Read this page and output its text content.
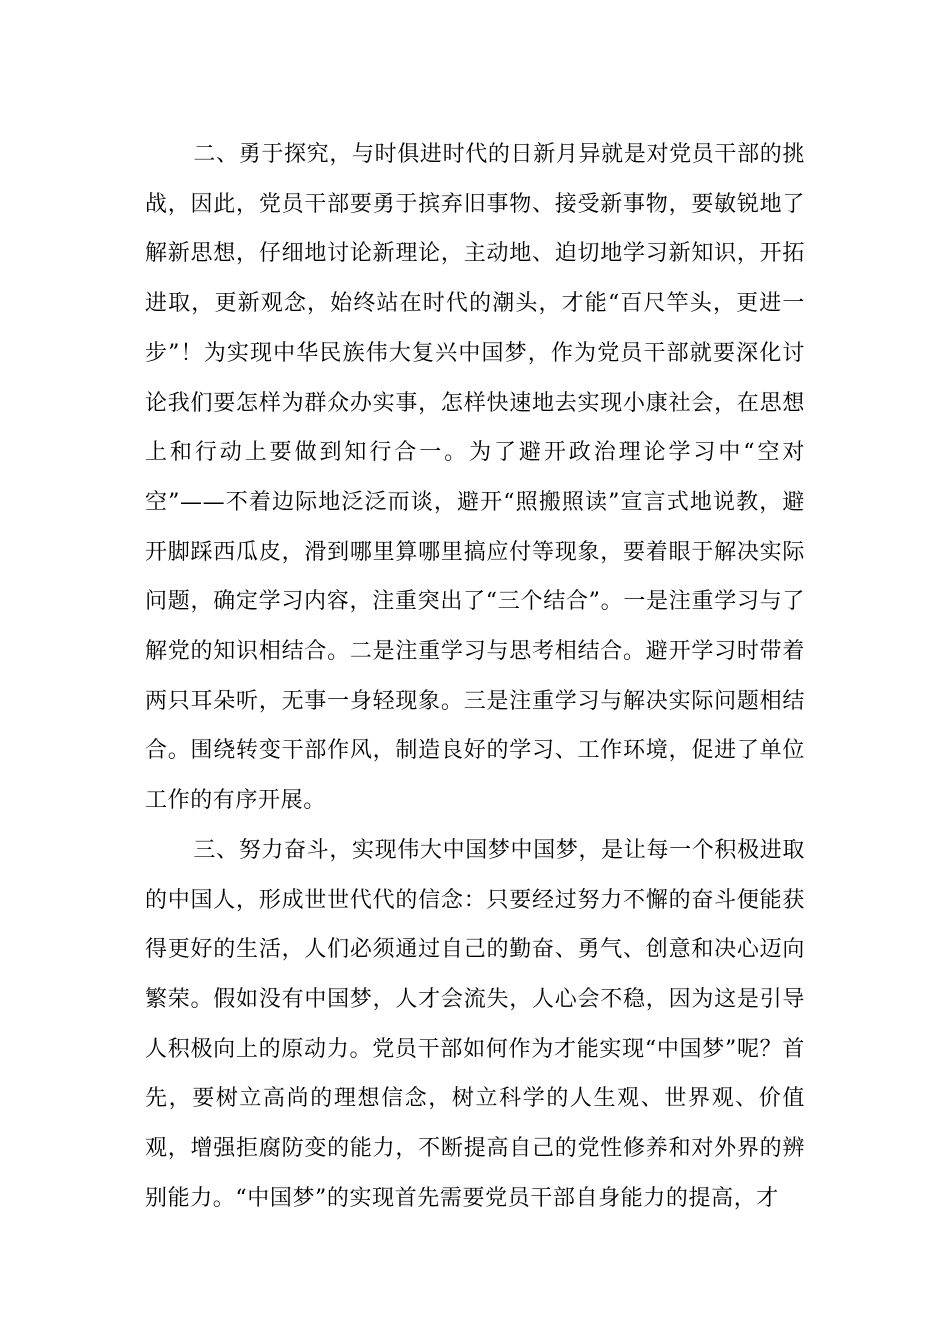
二、勇于探究，与时俱进时代的日新月异就是对党员干部的挑战，因此，党员干部要勇于摈弃旧事物、接受新事物，要敏锐地了解新思想，仔细地讨论新理论，主动地、迫切地学习新知识，开拓进取，更新观念，始终站在时代的潮头，才能“百尺竿头，更进一步”！为实现中华民族伟大复兴中国梦，作为党员干部就要深化讨论我们要怎样为群众办实事，怎样快速地去实现小康社会，在思想上和行动上要做到知行合一。为了避开政治理论学习中“空对空”——不着边际地泛泛而谈，避开“照搬照读”宣言式地说教，避开脚踩西瓜皮，滑到哪里算哪里搞应付等现象，要着眼于解决实际问题，确定学习内容，注重突出了“三个结合”。一是注重学习与了解党的知识相结合。二是注重学习与思考相结合。避开学习时带着两只耳朵听，无事一身轻现象。三是注重学习与解决实际问题相结合。围绕转变干部作风，制造良好的学习、工作环境，促进了单位工作的有序开展。

三、努力奋斗，实现伟大中国梦中国梦，是让每一个积极进取的中国人，形成世世代代的信念：只要经过努力不懈的奋斗便能获得更好的生活，人们必须通过自己的勤奋、勇气、创意和决心迈向繁荣。假如没有中国梦，人才会流失，人心会不稳，因为这是引导人积极向上的原动力。党员干部如何作为才能实现“中国梦”呢？首先，要树立高尚的理想信念，树立科学的人生观、世界观、价值观，增强拒腐防变的能力，不断提高自己的党性修养和对外界的辨别能力。“中国梦”的实现首先需要党员干部自身能力的提高，才
